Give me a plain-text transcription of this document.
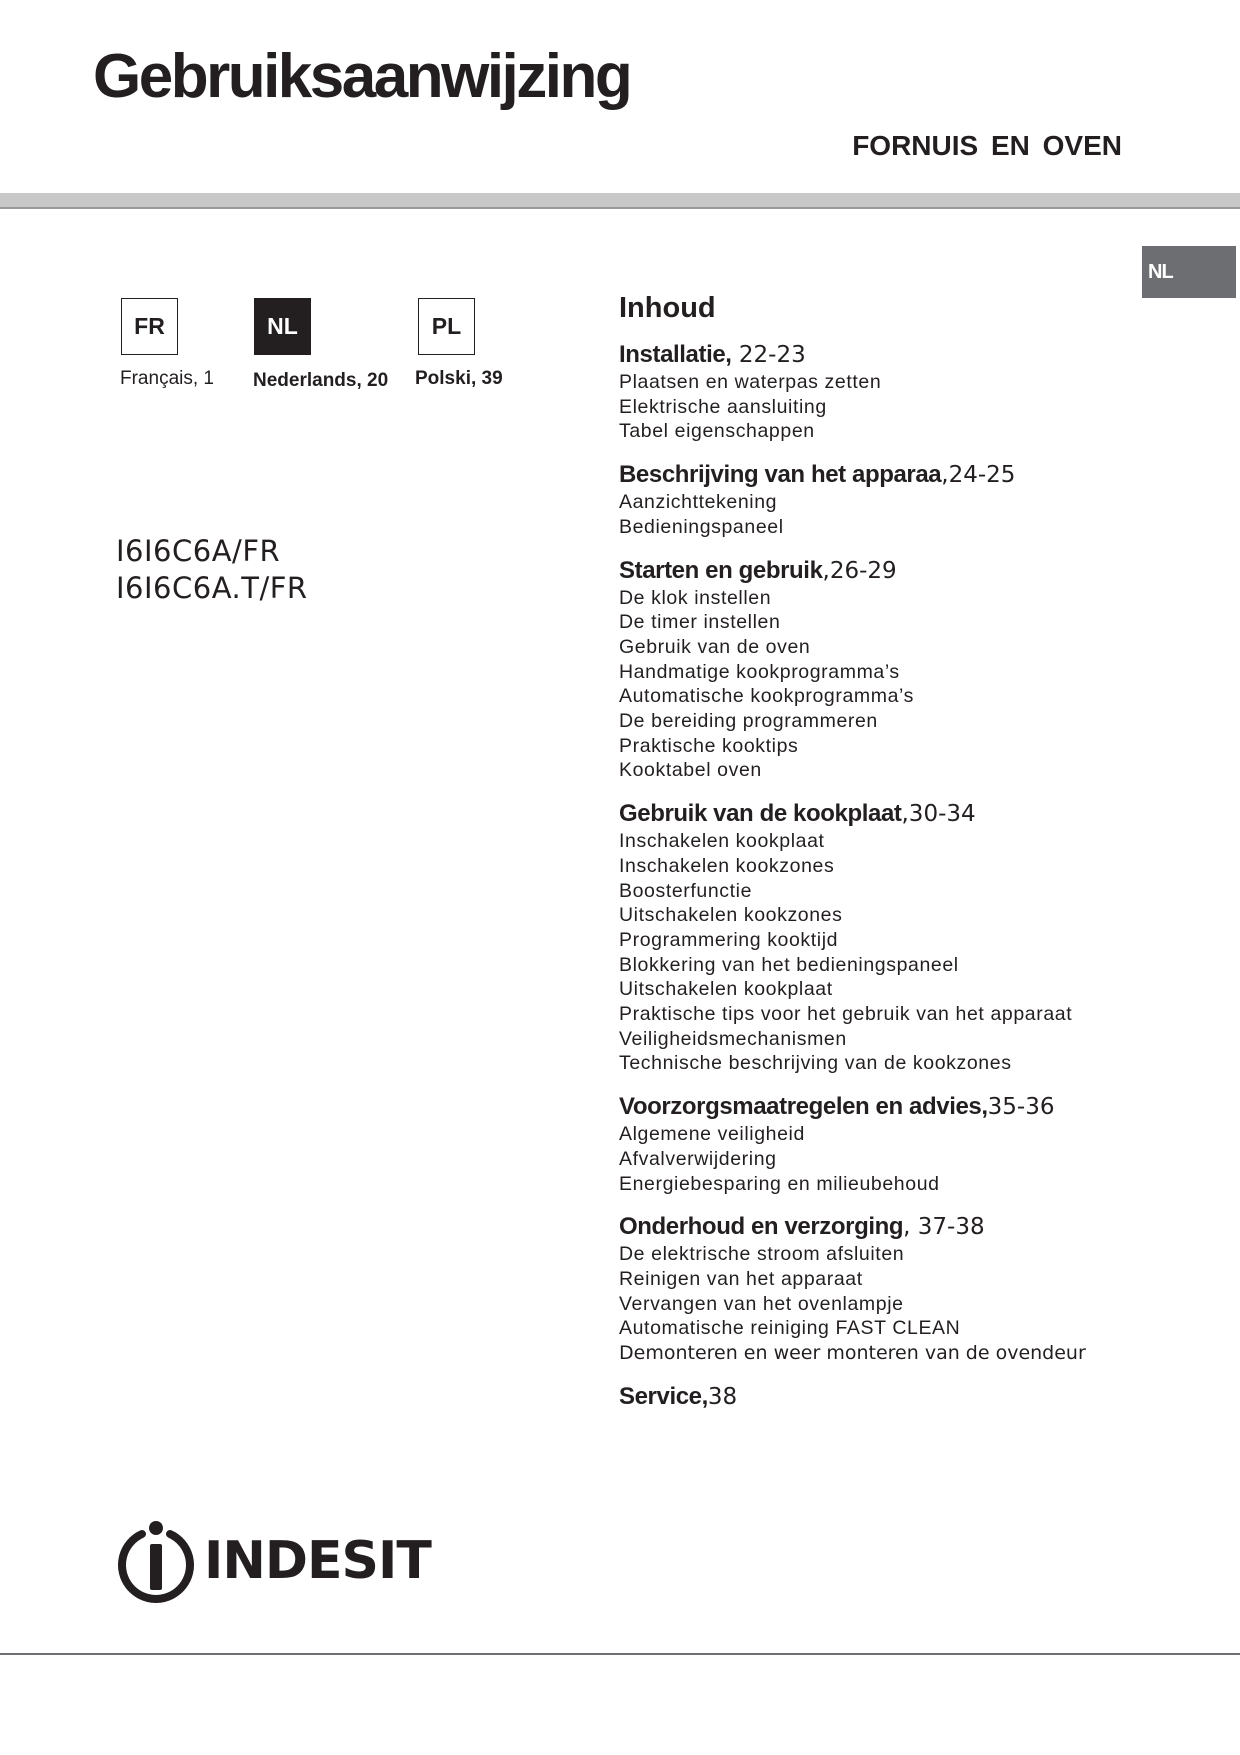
Gebruiksaanwijzing
FORNUIS EN OVEN
NL
FR
Français, 1
NL
Nederlands, 20
PL
Polski, 39
I6I6C6A/FR
I6I6C6A.T/FR
Inhoud
Installatie, 22-23
Plaatsen en waterpas zetten
Elektrische aansluiting
Tabel eigenschappen
Beschrijving van het apparaa,24-25
Aanzichttekening
Bedieningspaneel
Starten en gebruik,26-29
De klok instellen
De timer instellen
Gebruik van de oven
Handmatige kookprogramma’s
Automatische kookprogramma’s
De bereiding programmeren
Praktische kooktips
Kooktabel oven
Gebruik van de kookplaat,30-34
Inschakelen kookplaat
Inschakelen kookzones
Boosterfunctie
Uitschakelen kookzones
Programmering kooktijd
Blokkering van het bedieningspaneel
Uitschakelen kookplaat
Praktische tips voor het gebruik van het apparaat
Veiligheidsmechanismen
Technische beschrijving van de kookzones
Voorzorgsmaatregelen en advies,35-36
Algemene veiligheid
Afvalverwijdering
Energiebesparing en milieubehoud
Onderhoud en verzorging, 37-38
De elektrische stroom afsluiten
Reinigen van het apparaat
Vervangen van het ovenlampje
Automatische reiniging FAST CLEAN
Demonteren en weer monteren van de ovendeur
Service,38
INDESIT
